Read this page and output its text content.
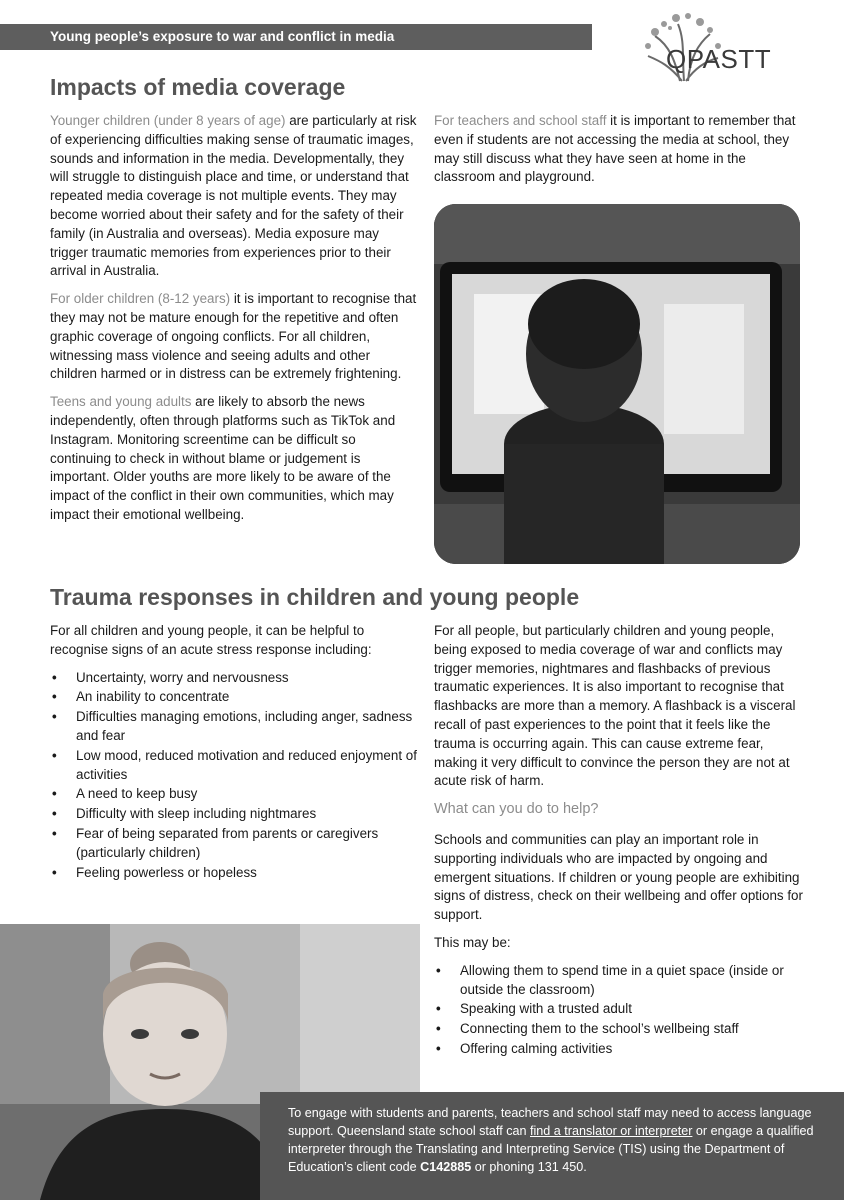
Young people’s exposure to war and conflict in media
QPASTT
Impacts of media coverage

Younger children (under 8 years of age) are particularly at risk of experiencing difficulties making sense of traumatic images, sounds and information in the media. Developmentally, they will struggle to distinguish place and time, or understand that repeated media coverage is not multiple events. They may become worried about their safety and for the safety of their family (in Australia and overseas). Media exposure may trigger traumatic memories from experiences prior to their arrival in Australia.

For older children (8-12 years) it is important to recognise that they may not be mature enough for the repetitive and often graphic coverage of ongoing conflicts. For all children, witnessing mass violence and seeing adults and other children harmed or in distress can be extremely frightening.

Teens and young adults are likely to absorb the news independently, often through platforms such as TikTok and Instagram. Monitoring screentime can be difficult so continuing to check in without blame or judgement is important. Older youths are more likely to be aware of the impact of the conflict in their own communities, which may impact their emotional wellbeing.

For teachers and school staff it is important to remember that even if students are not accessing the media at school, they may still discuss what they have seen at home in the classroom and playground.

Trauma responses in children and young people

For all children and young people, it can be helpful to recognise signs of an acute stress response including:

• Uncertainty, worry and nervousness
• An inability to concentrate
• Difficulties managing emotions, including anger, sadness and fear
• Low mood, reduced motivation and reduced enjoyment of activities
• A need to keep busy
• Difficulty with sleep including nightmares
• Fear of being separated from parents or caregivers (particularly children)
• Feeling powerless or hopeless

For all people, but particularly children and young people, being exposed to media coverage of war and conflicts may trigger memories, nightmares and flashbacks of previous traumatic experiences. It is also important to recognise that flashbacks are more than a memory. A flashback is a visceral recall of past experiences to the point that it feels like the trauma is occurring again. This can cause extreme fear, making it very difficult to convince the person they are not at acute risk of harm.

What can you do to help?

Schools and communities can play an important role in supporting individuals who are impacted by ongoing and emergent situations. If children or young people are exhibiting signs of distress, check on their wellbeing and offer options for support.

This may be:

• Allowing them to spend time in a quiet space (inside or outside the classroom)
• Speaking with a trusted adult
• Connecting them to the school’s wellbeing staff
• Offering calming activities
To engage with students and parents, teachers and school staff may need to access language support. Queensland state school staff can find a translator or interpreter or engage a qualified interpreter through the Translating and Interpreting Service (TIS) using the Department of Education’s client code C142885 or phoning 131 450.
